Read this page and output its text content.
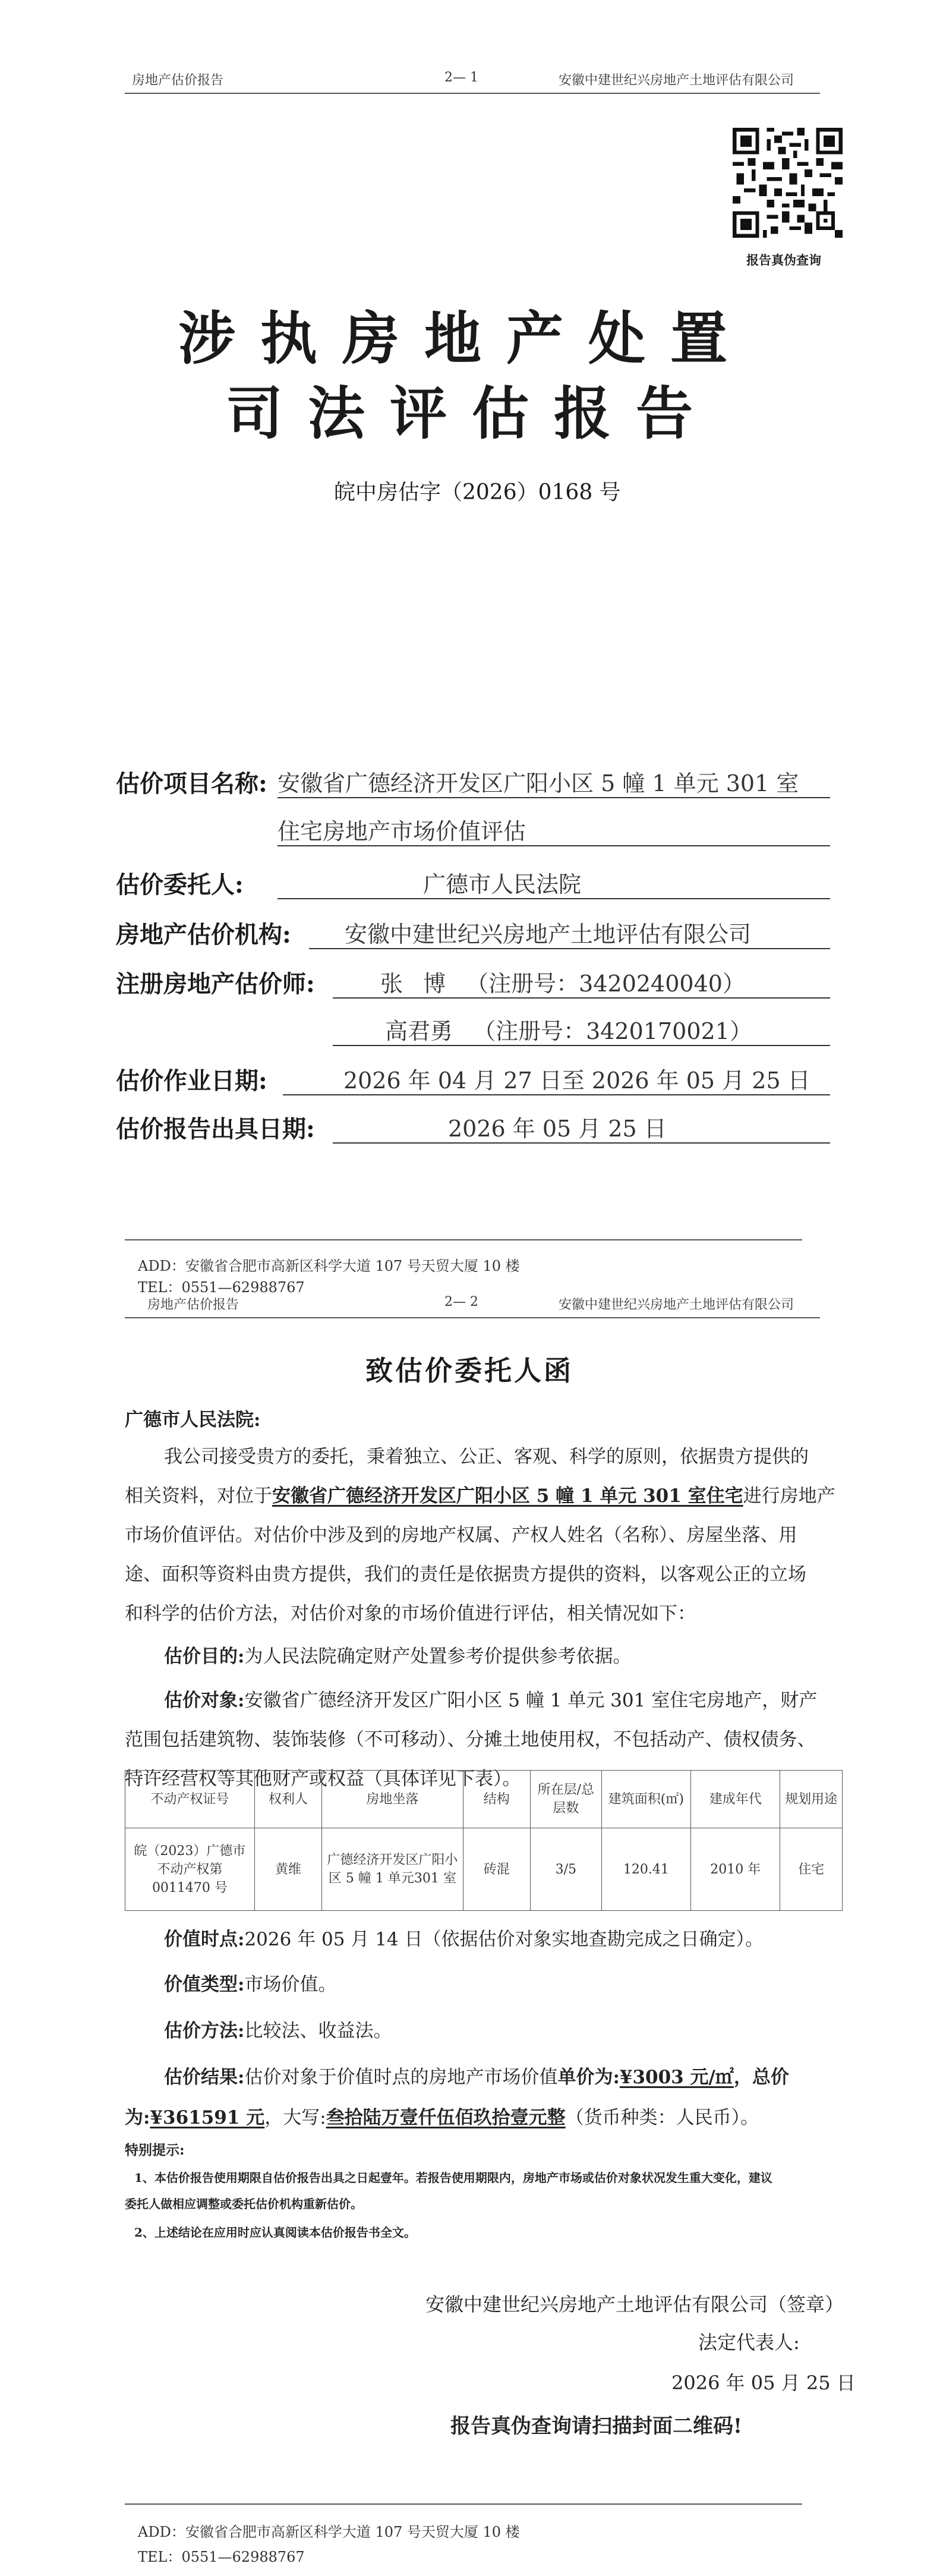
房地产估价报告	2— 1	安徽中建世纪兴房地产土地评估有限公司
报告真伪查询
涉执房地产处置
司法评估报告
皖中房估字（2026）0168 号
估价项目名称: 安徽省广德经济开发区广阳小区 5 幢 1 单元 301 室
住宅房地产市场价值评估
估价委托人:	广德市人民法院
房地产估价机构: 安徽中建世纪兴房地产土地评估有限公司
注册房地产估价师:	张 博 （注册号：3420240040）
高君勇 （注册号：3420170021）
估价作业日期:	2026 年 04 月 27 日至 2026 年 05 月 25 日
估价报告出具日期:	2026 年 05 月 25 日
ADD：安徽省合肥市高新区科学大道 107 号天贸大厦 10 楼
TEL：0551—62988767
房地产估价报告	2— 2	安徽中建世纪兴房地产土地评估有限公司
致估价委托人函
广德市人民法院:
我公司接受贵方的委托，秉着独立、公正、客观、科学的原则，依据贵方提供的
相关资料，对位于安徽省广德经济开发区广阳小区 5 幢 1 单元 301 室住宅进行房地产
市场价值评估。对估价中涉及到的房地产权属、产权人姓名（名称）、房屋坐落、用
途、面积等资料由贵方提供，我们的责任是依据贵方提供的资料，以客观公正的立场
和科学的估价方法，对估价对象的市场价值进行评估，相关情况如下：
估价目的:为人民法院确定财产处置参考价提供参考依据。
估价对象:安徽省广德经济开发区广阳小区 5 幢 1 单元 301 室住宅房地产，财产
范围包括建筑物、装饰装修（不可移动）、分摊土地使用权，不包括动产、债权债务、
特许经营权等其他财产或权益（具体详见下表）。
不动产权证号	权利人	房地坐落	结构	所在层/总层数	建筑面积(㎡)	建成年代	规划用途
皖（2023）广德市不动产权第0011470 号	黄维	广德经济开发区广阳小区 5 幢 1 单元301 室	砖混	3/5	120.41	2010 年	住宅
价值时点:2026 年 05 月 14 日（依据估价对象实地查勘完成之日确定）。
价值类型:市场价值。
估价方法:比较法、收益法。
估价结果:估价对象于价值时点的房地产市场价值单价为:¥3003 元/㎡，总价
为:¥361591 元，大写:叁拾陆万壹仟伍佰玖拾壹元整（货币种类：人民币）。
特别提示:
1、本估价报告使用期限自估价报告出具之日起壹年。若报告使用期限内，房地产市场或估价对象状况发生重大变化，建议
委托人做相应调整或委托估价机构重新估价。
2、上述结论在应用时应认真阅读本估价报告书全文。
安徽中建世纪兴房地产土地评估有限公司（签章）
法定代表人:
2026 年 05 月 25 日
报告真伪查询请扫描封面二维码!
ADD：安徽省合肥市高新区科学大道 107 号天贸大厦 10 楼
TEL：0551—62988767
